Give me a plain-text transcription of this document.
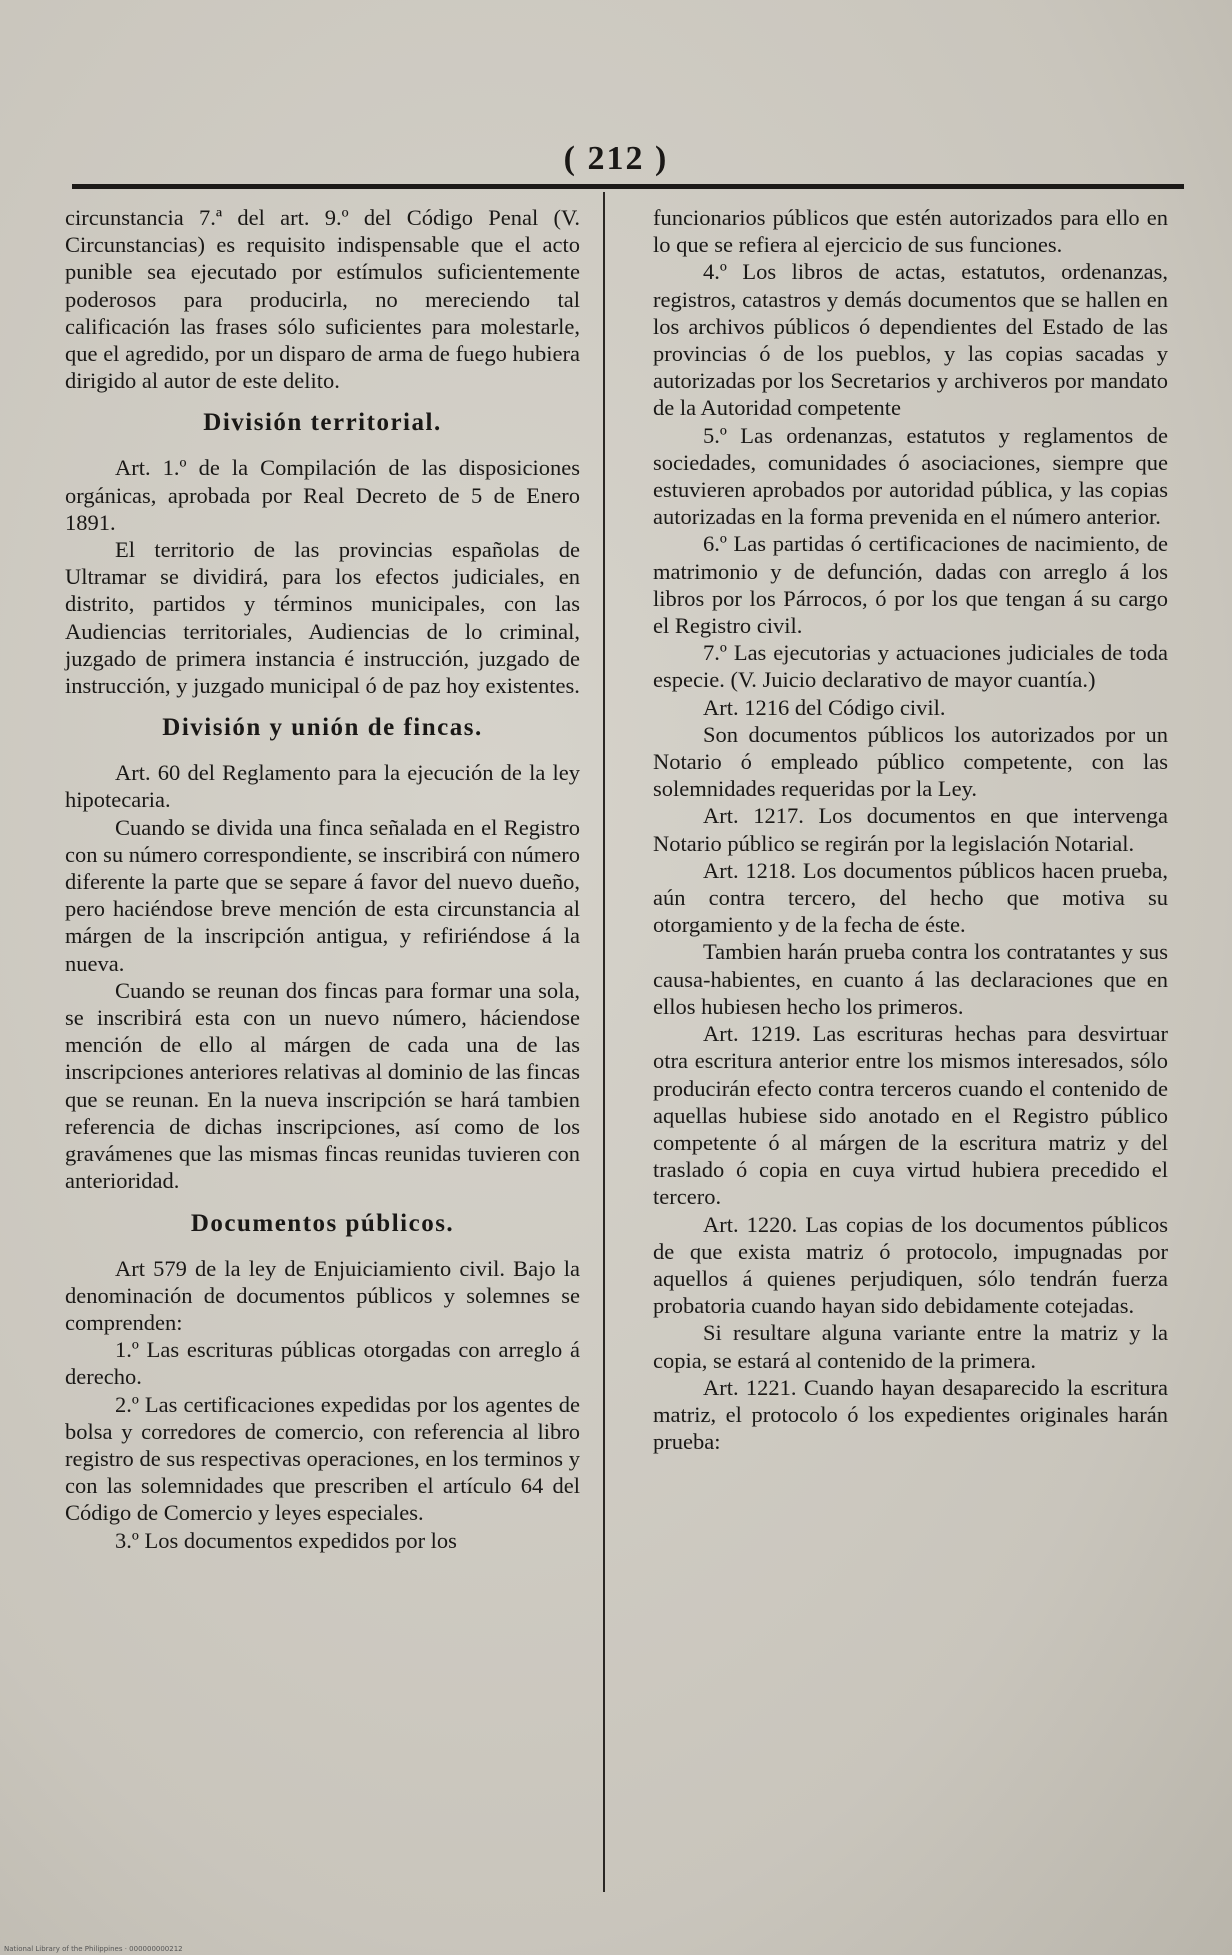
( 212 )

circunstancia 7.ª del art. 9.º del Código Penal (V. Circunstancias) es requisito indispensable que el acto punible sea ejecutado por estímulos suficientemente poderosos para producirla, no mereciendo tal calificación las frases sólo suficientes para molestarle, que el agredido, por un disparo de arma de fuego hubiera dirigido al autor de este delito.

División territorial.

Art. 1.º de la Compilación de las disposiciones orgánicas, aprobada por Real Decreto de 5 de Enero 1891.

El territorio de las provincias españolas de Ultramar se dividirá, para los efectos judiciales, en distrito, partidos y términos municipales, con las Audiencias territoriales, Audiencias de lo criminal, juzgado de primera instancia é instrucción, juzgado de instrucción, y juzgado municipal ó de paz hoy existentes.

División y unión de fincas.

Art. 60 del Reglamento para la ejecución de la ley hipotecaria.

Cuando se divida una finca señalada en el Registro con su número correspondiente, se inscribirá con número diferente la parte que se separe á favor del nuevo dueño, pero haciéndose breve mención de esta circunstancia al márgen de la inscripción antigua, y refiriéndose á la nueva.

Cuando se reunan dos fincas para formar una sola, se inscribirá esta con un nuevo número, háciendose mención de ello al márgen de cada una de las inscripciones anteriores relativas al dominio de las fincas que se reunan. En la nueva inscripción se hará tambien referencia de dichas inscripciones, así como de los gravámenes que las mismas fincas reunidas tuvieren con anterioridad.

Documentos públicos.

Art 579 de la ley de Enjuiciamiento civil. Bajo la denominación de documentos públicos y solemnes se comprenden:

1.º Las escrituras públicas otorgadas con arreglo á derecho.

2.º Las certificaciones expedidas por los agentes de bolsa y corredores de comercio, con referencia al libro registro de sus respectivas operaciones, en los terminos y con las solemnidades que prescriben el artículo 64 del Código de Comercio y leyes especiales.

3.º Los documentos expedidos por los

funcionarios públicos que estén autorizados para ello en lo que se refiera al ejercicio de sus funciones.

4.º Los libros de actas, estatutos, ordenanzas, registros, catastros y demás documentos que se hallen en los archivos públicos ó dependientes del Estado de las provincias ó de los pueblos, y las copias sacadas y autorizadas por los Secretarios y archiveros por mandato de la Autoridad competente

5.º Las ordenanzas, estatutos y reglamentos de sociedades, comunidades ó asociaciones, siempre que estuvieren aprobados por autoridad pública, y las copias autorizadas en la forma prevenida en el número anterior.

6.º Las partidas ó certificaciones de nacimiento, de matrimonio y de defunción, dadas con arreglo á los libros por los Párrocos, ó por los que tengan á su cargo el Registro civil.

7.º Las ejecutorias y actuaciones judiciales de toda especie. (V. Juicio declarativo de mayor cuantía.)

Art. 1216 del Código civil.

Son documentos públicos los autorizados por un Notario ó empleado público competente, con las solemnidades requeridas por la Ley.

Art. 1217. Los documentos en que intervenga Notario público se regirán por la legislación Notarial.

Art. 1218. Los documentos públicos hacen prueba, aún contra tercero, del hecho que motiva su otorgamiento y de la fecha de éste.

Tambien harán prueba contra los contratantes y sus causa-habientes, en cuanto á las declaraciones que en ellos hubiesen hecho los primeros.

Art. 1219. Las escrituras hechas para desvirtuar otra escritura anterior entre los mismos interesados, sólo producirán efecto contra terceros cuando el contenido de aquellas hubiese sido anotado en el Registro público competente ó al márgen de la escritura matriz y del traslado ó copia en cuya virtud hubiera precedido el tercero.

Art. 1220. Las copias de los documentos públicos de que exista matriz ó protocolo, impugnadas por aquellos á quienes perjudiquen, sólo tendrán fuerza probatoria cuando hayan sido debidamente cotejadas.

Si resultare alguna variante entre la matriz y la copia, se estará al contenido de la primera.

Art. 1221. Cuando hayan desaparecido la escritura matriz, el protocolo ó los expedientes originales harán prueba:

National Library of the Philippines · 000000000212
